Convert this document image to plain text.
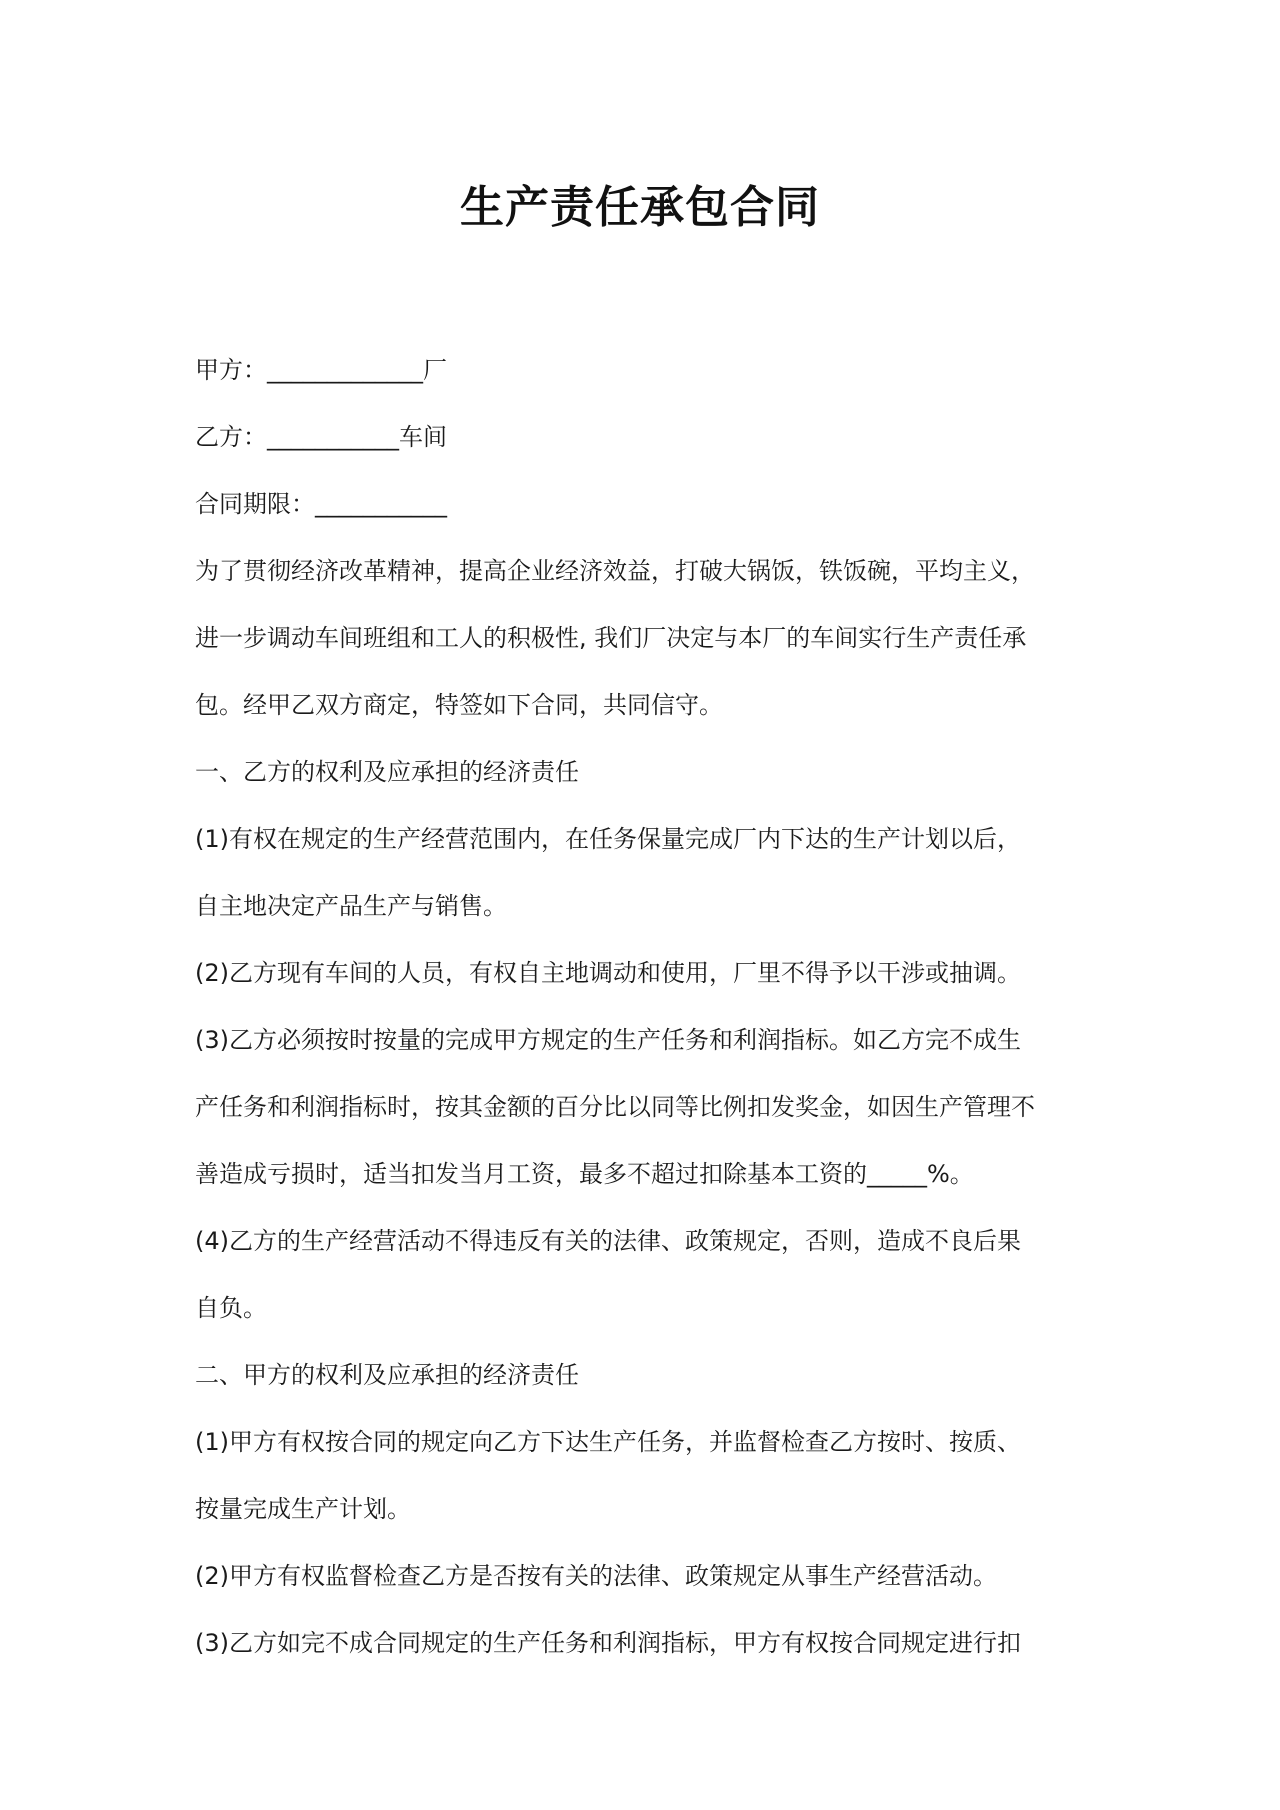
生产责任承包合同
甲方：_____________厂
乙方：___________车间
合同期限：___________
为了贯彻经济改革精神，提高企业经济效益，打破大锅饭，铁饭碗，平均主义，
进一步调动车间班组和工人的积极性, 我们厂决定与本厂的车间实行生产责任承
包。经甲乙双方商定，特签如下合同，共同信守。
一、乙方的权利及应承担的经济责任
(1)有权在规定的生产经营范围内，在任务保量完成厂内下达的生产计划以后，
自主地决定产品生产与销售。
(2)乙方现有车间的人员，有权自主地调动和使用，厂里不得予以干涉或抽调。
(3)乙方必须按时按量的完成甲方规定的生产任务和利润指标。如乙方完不成生
产任务和利润指标时，按其金额的百分比以同等比例扣发奖金，如因生产管理不
善造成亏损时，适当扣发当月工资，最多不超过扣除基本工资的_____%。
(4)乙方的生产经营活动不得违反有关的法律、政策规定，否则，造成不良后果
自负。
二、甲方的权利及应承担的经济责任
(1)甲方有权按合同的规定向乙方下达生产任务，并监督检查乙方按时、按质、
按量完成生产计划。
(2)甲方有权监督检查乙方是否按有关的法律、政策规定从事生产经营活动。
(3)乙方如完不成合同规定的生产任务和利润指标，甲方有权按合同规定进行扣
